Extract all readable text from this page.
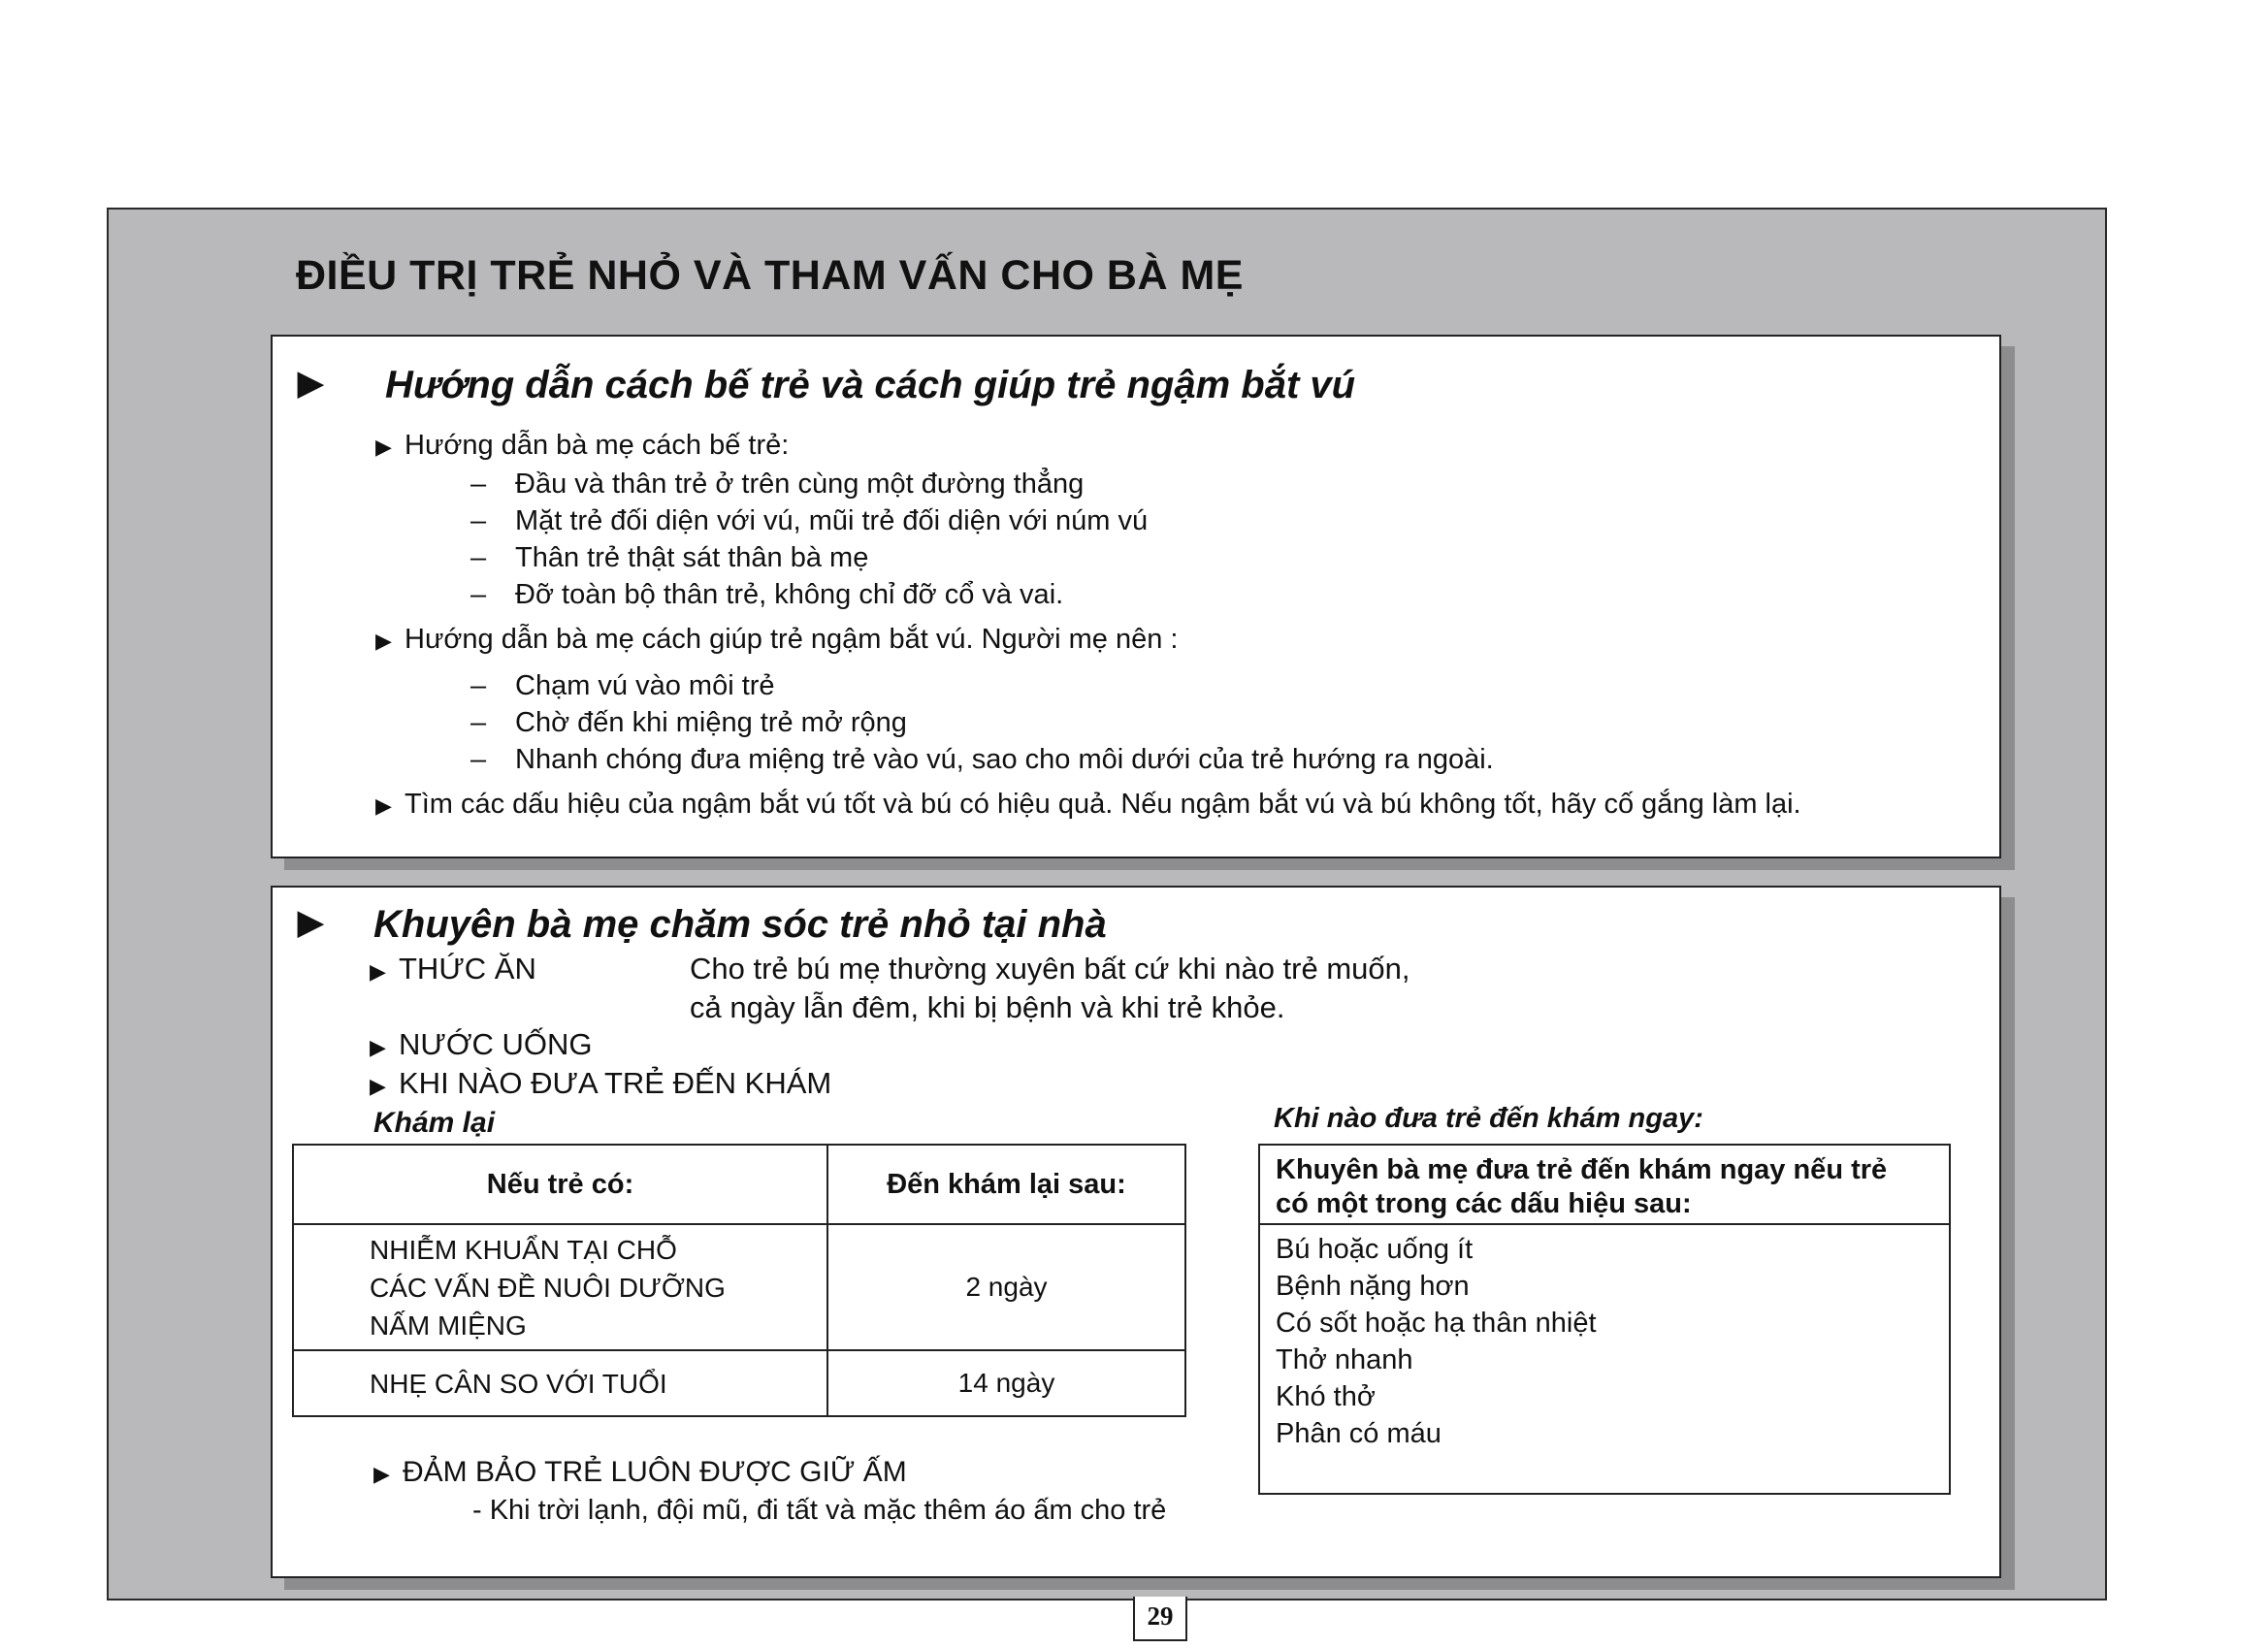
ĐIỀU TRỊ TRẺ NHỎ VÀ THAM VẤN CHO BÀ MẸ
▶ Hướng dẫn cách bế trẻ và cách giúp trẻ ngậm bắt vú
▶ Hướng dẫn bà mẹ cách bế trẻ:
– Đầu và thân trẻ ở trên cùng một đường thẳng
– Mặt trẻ đối diện với vú, mũi trẻ đối diện với núm vú
– Thân trẻ thật sát thân bà mẹ
– Đỡ toàn bộ thân trẻ, không chỉ đỡ cổ và vai.
▶ Hướng dẫn bà mẹ cách giúp trẻ ngậm bắt vú. Người mẹ nên :
– Chạm vú vào môi trẻ
– Chờ đến khi miệng trẻ mở rộng
– Nhanh chóng đưa miệng trẻ vào vú, sao cho môi dưới của trẻ hướng ra ngoài.
▶ Tìm các dấu hiệu của ngậm bắt vú tốt và bú có hiệu quả. Nếu ngậm bắt vú và bú không tốt, hãy cố gắng làm lại.
▶ Khuyên bà mẹ chăm sóc trẻ nhỏ tại nhà
▶ THỨC ĂN	Cho trẻ bú mẹ thường xuyên bất cứ khi nào trẻ muốn,
cả ngày lẫn đêm, khi bị bệnh và khi trẻ khỏe.
▶ NƯỚC UỐNG
▶ KHI NÀO ĐƯA TRẺ ĐẾN KHÁM
Khám lại
Nếu trẻ có:	Đến khám lại sau:

NHIỄM KHUẨN TẠI CHỖ
CÁC VẤN ĐỀ NUÔI DƯỠNG
NẤM MIỆNG	2 ngày

NHẸ CÂN SO VỚI TUỔI	14 ngày
Khi nào đưa trẻ đến khám ngay:
Khuyên bà mẹ đưa trẻ đến khám ngay nếu trẻ
có một trong các dấu hiệu sau:
Bú hoặc uống ít
Bệnh nặng hơn
Có sốt hoặc hạ thân nhiệt
Thở nhanh
Khó thở
Phân có máu
▶ ĐẢM BẢO TRẺ LUÔN ĐƯỢC GIỮ ẤM
- Khi trời lạnh, đội mũ, đi tất và mặc thêm áo ấm cho trẻ
29
